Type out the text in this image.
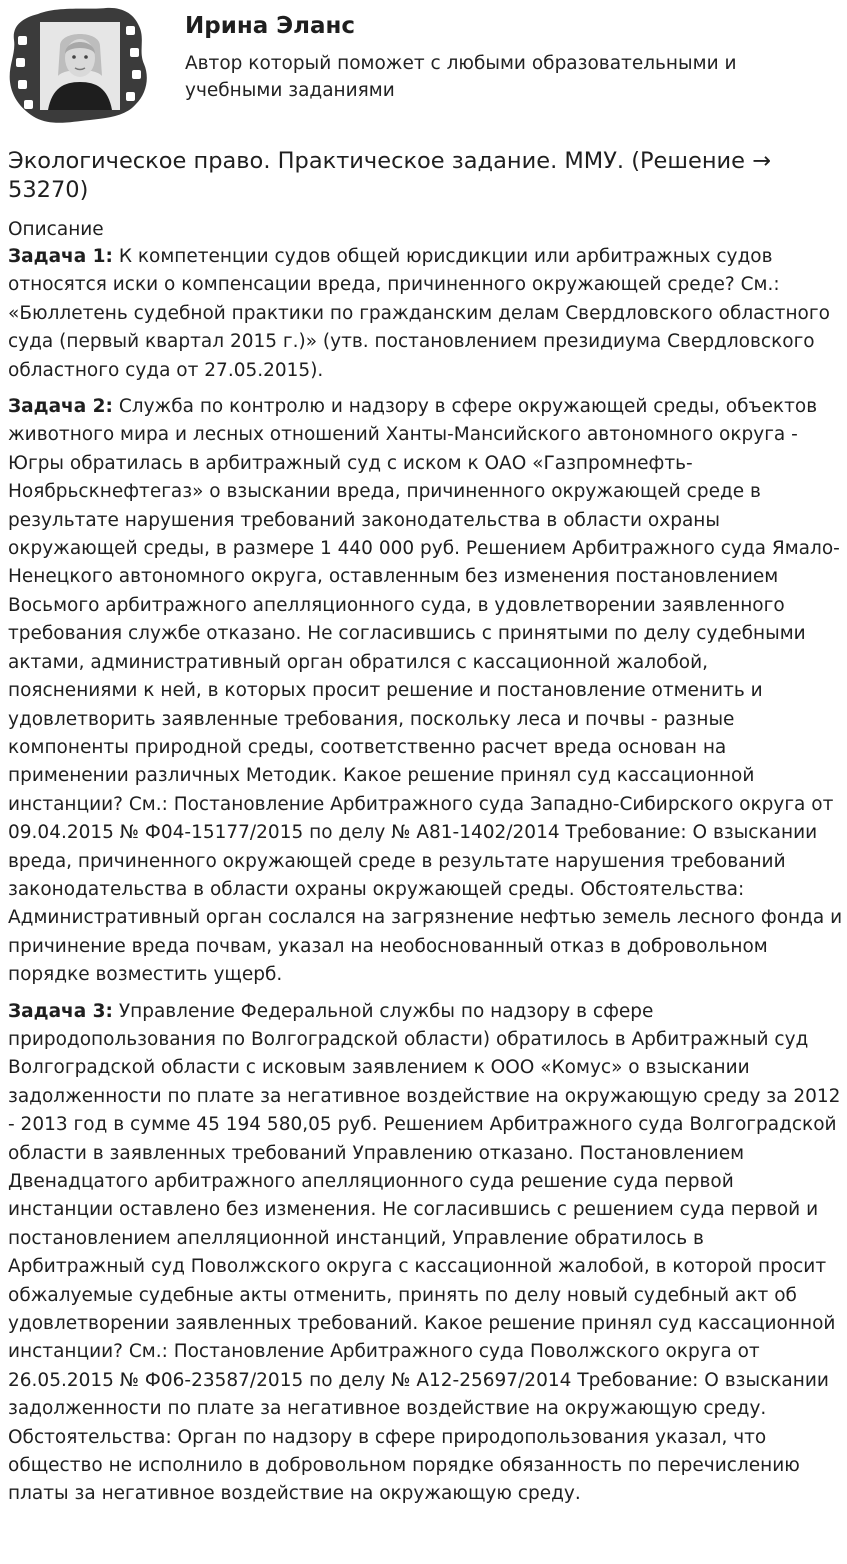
Ирина Эланс
Автор который поможет с любыми образовательными и учебными заданиями
Экологическое право. Практическое задание. ММУ. (Решение → 53270)
Описание

Задача 1: К компетенции судов общей юрисдикции или арбитражных судов относятся иски о компенсации вреда, причиненного окружающей среде? См.: «Бюллетень судебной практики по гражданским делам Свердловского областного суда (первый квартал 2015 г.)» (утв. постановлением президиума Свердловского областного суда от 27.05.2015).

Задача 2: Служба по контролю и надзору в сфере окружающей среды, объектов животного мира и лесных отношений Ханты-Мансийского автономного округа - Югры обратилась в арбитражный суд с иском к ОАО «Газпромнефть-Ноябрьскнефтегаз» о взыскании вреда, причиненного окружающей среде в результате нарушения требований законодательства в области охраны окружающей среды, в размере 1 440 000 руб. Решением Арбитражного суда Ямало-Ненецкого автономного округа, оставленным без изменения постановлением Восьмого арбитражного апелляционного суда, в удовлетворении заявленного требования службе отказано. Не согласившись с принятыми по делу судебными актами, административный орган обратился с кассационной жалобой, пояснениями к ней, в которых просит решение и постановление отменить и удовлетворить заявленные требования, поскольку леса и почвы - разные компоненты природной среды, соответственно расчет вреда основан на применении различных Методик. Какое решение принял суд кассационной инстанции? См.: Постановление Арбитражного суда Западно-Сибирского округа от 09.04.2015 № Ф04-15177/2015 по делу № А81-1402/2014 Требование: О взыскании вреда, причиненного окружающей среде в результате нарушения требований законодательства в области охраны окружающей среды. Обстоятельства: Административный орган сослался на загрязнение нефтью земель лесного фонда и причинение вреда почвам, указал на необоснованный отказ в добровольном порядке возместить ущерб.

Задача 3: Управление Федеральной службы по надзору в сфере природопользования по Волгоградской области) обратилось в Арбитражный суд Волгоградской области с исковым заявлением к ООО «Комус» о взыскании задолженности по плате за негативное воздействие на окружающую среду за 2012 - 2013 год в сумме 45 194 580,05 руб. Решением Арбитражного суда Волгоградской области в заявленных требований Управлению отказано. Постановлением Двенадцатого арбитражного апелляционного суда решение суда первой инстанции оставлено без изменения. Не согласившись с решением суда первой и постановлением апелляционной инстанций, Управление обратилось в Арбитражный суд Поволжского округа с кассационной жалобой, в которой просит обжалуемые судебные акты отменить, принять по делу новый судебный акт об удовлетворении заявленных требований. Какое решение принял суд кассационной инстанции? См.: Постановление Арбитражного суда Поволжского округа от 26.05.2015 № Ф06-23587/2015 по делу № А12-25697/2014 Требование: О взыскании задолженности по плате за негативное воздействие на окружающую среду. Обстоятельства: Орган по надзору в сфере природопользования указал, что общество не исполнило в добровольном порядке обязанность по перечислению платы за негативное воздействие на окружающую среду.
